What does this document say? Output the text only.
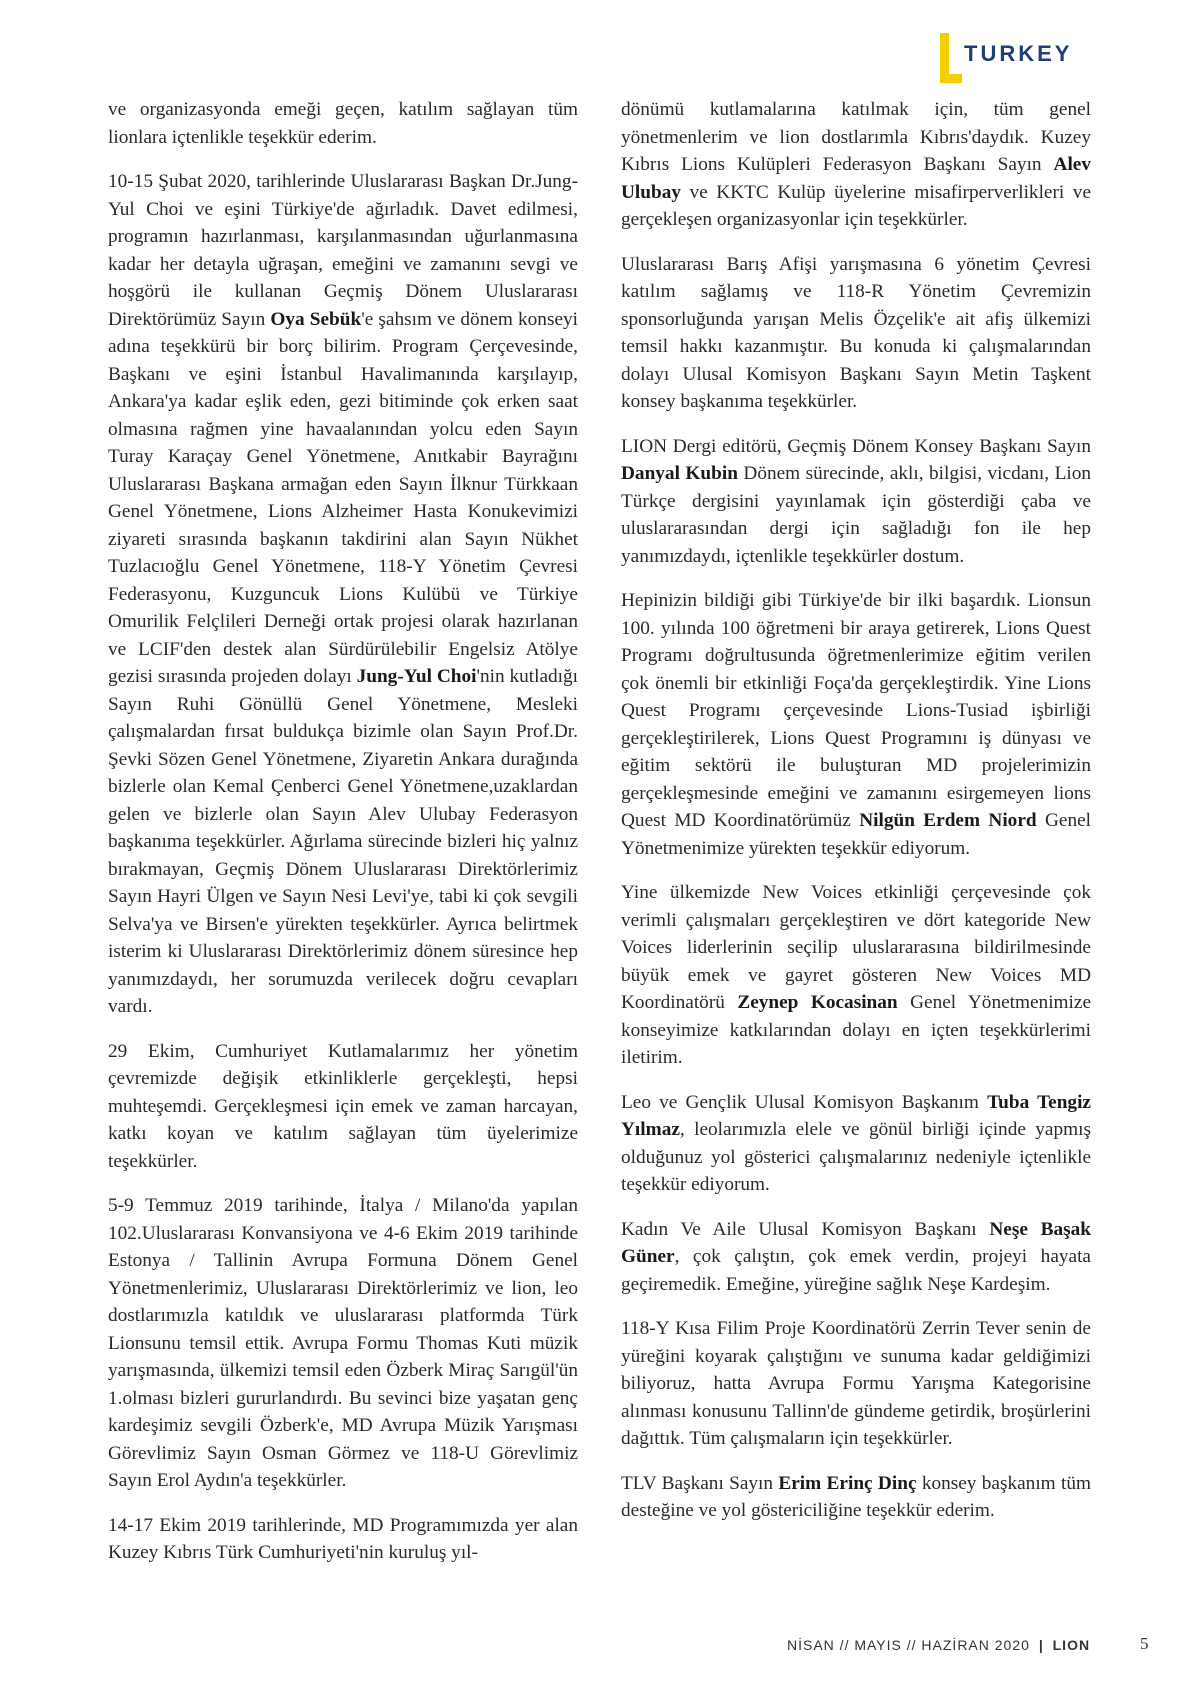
TURKEY

ve organizasyonda emeği geçen, katılım sağlayan tüm lionlara içtenlikle teşekkür ederim.

10-15 Şubat 2020, tarihlerinde Uluslararası Başkan Dr.Jung-Yul Choi ve eşini Türkiye'de ağırladık. Davet edilmesi, programın hazırlanması, karşılanmasından uğurlanmasına kadar her detayla uğraşan, emeğini ve zamanını sevgi ve hoşgörü ile kullanan Geçmiş Dönem Uluslararası Direktörümüz Sayın Oya Sebük'e şahsım ve dönem konseyi adına teşekkürü bir borç bilirim. Program Çerçevesinde, Başkanı ve eşini İstanbul Havalimanında karşılayıp, Ankara'ya kadar eşlik eden, gezi bitiminde çok erken saat olmasına rağmen yine havaalanından yolcu eden Sayın Turay Karaçay Genel Yönetmene, Anıtkabir Bayrağını Uluslararası Başkana armağan eden Sayın İlknur Türkkaan Genel Yönetmene, Lions Alzheimer Hasta Konukevimizi ziyareti sırasında başkanın takdirini alan Sayın Nükhet Tuzlacıoğlu Genel Yönetmene, 118-Y Yönetim Çevresi Federasyonu, Kuzguncuk Lions Kulübü ve Türkiye Omurilik Felçlileri Derneği ortak projesi olarak hazırlanan ve LCIF'den destek alan Sürdürülebilir Engelsiz Atölye gezisi sırasında projeden dolayı Jung-Yul Choi'nin kutladığı Sayın Ruhi Gönüllü Genel Yönetmene, Mesleki çalışmalardan fırsat buldukça bizimle olan Sayın Prof.Dr. Şevki Sözen Genel Yönetmene, Ziyaretin Ankara durağında bizlerle olan Kemal Çenberci Genel Yönetmene,uzaklardan gelen ve bizlerle olan Sayın Alev Ulubay Federasyon başkanıma teşekkürler. Ağırlama sürecinde bizleri hiç yalnız bırakmayan, Geçmiş Dönem Uluslararası Direktörlerimiz Sayın Hayri Ülgen ve Sayın Nesi Levi'ye, tabi ki çok sevgili Selva'ya ve Birsen'e yürekten teşekkürler. Ayrıca belirtmek isterim ki Uluslararası Direktörlerimiz dönem süresince hep yanımızdaydı, her sorumuzda verilecek doğru cevapları vardı.

29 Ekim, Cumhuriyet Kutlamalarımız her yönetim çevremizde değişik etkinliklerle gerçekleşti, hepsi muhteşemdi. Gerçekleşmesi için emek ve zaman harcayan, katkı koyan ve katılım sağlayan tüm üyelerimize teşekkürler.

5-9 Temmuz 2019 tarihinde, İtalya / Milano'da yapılan 102.Uluslararası Konvansiyona ve 4-6 Ekim 2019 tarihinde Estonya / Tallinin Avrupa Formuna Dönem Genel Yönetmenlerimiz, Uluslararası Direktörlerimiz ve lion, leo dostlarımızla katıldık ve uluslararası platformda Türk Lionsunu temsil ettik. Avrupa Formu Thomas Kuti müzik yarışmasında, ülkemizi temsil eden Özberk Miraç Sarıgül'ün 1.olması bizleri gururlandırdı. Bu sevinci bize yaşatan genç kardeşimiz sevgili Özberk'e, MD Avrupa Müzik Yarışması Görevlimiz Sayın Osman Görmez ve 118-U Görevlimiz Sayın Erol Aydın'a teşekkürler.

14-17 Ekim 2019 tarihlerinde, MD Programımızda yer alan Kuzey Kıbrıs Türk Cumhuriyeti'nin kuruluş yıl-

dönümü kutlamalarına katılmak için, tüm genel yönetmenlerim ve lion dostlarımla Kıbrıs'daydık. Kuzey Kıbrıs Lions Kulüpleri Federasyon Başkanı Sayın Alev Ulubay ve KKTC Kulüp üyelerine misafirperverlikleri ve gerçekleşen organizasyonlar için teşekkürler.

Uluslararası Barış Afişi yarışmasına 6 yönetim Çevresi katılım sağlamış ve 118-R Yönetim Çevremizin sponsorluğunda yarışan Melis Özçelik'e ait afiş ülkemizi temsil hakkı kazanmıştır. Bu konuda ki çalışmalarından dolayı Ulusal Komisyon Başkanı Sayın Metin Taşkent konsey başkanıma teşekkürler.

LION Dergi editörü, Geçmiş Dönem Konsey Başkanı Sayın Danyal Kubin Dönem sürecinde, aklı, bilgisi, vicdanı, Lion Türkçe dergisini yayınlamak için gösterdiği çaba ve uluslararasından dergi için sağladığı fon ile hep yanımızdaydı, içtenlikle teşekkürler dostum.

Hepinizin bildiği gibi Türkiye'de bir ilki başardık. Lionsun 100. yılında 100 öğretmeni bir araya getirerek, Lions Quest Programı doğrultusunda öğretmenlerimize eğitim verilen çok önemli bir etkinliği Foça'da gerçekleştirdik. Yine Lions Quest Programı çerçevesinde Lions-Tusiad işbirliği gerçekleştirilerek, Lions Quest Programını iş dünyası ve eğitim sektörü ile buluşturan MD projelerimizin gerçekleşmesinde emeğini ve zamanını esirgemeyen lions Quest MD Koordinatörümüz Nilgün Erdem Niord Genel Yönetmenimize yürekten teşekkür ediyorum.

Yine ülkemizde New Voices etkinliği çerçevesinde çok verimli çalışmaları gerçekleştiren ve dört kategoride New Voices liderlerinin seçilip uluslararasına bildirilmesinde büyük emek ve gayret gösteren New Voices MD Koordinatörü Zeynep Kocasinan Genel Yönetmenimize konseyimize katkılarından dolayı en içten teşekkürlerimi iletirim.

Leo ve Gençlik Ulusal Komisyon Başkanım Tuba Tengiz Yılmaz, leolarımızla elele ve gönül birliği içinde yapmış olduğunuz yol gösterici çalışmalarınız nedeniyle içtenlikle teşekkür ediyorum.

Kadın Ve Aile Ulusal Komisyon Başkanı Neşe Başak Güner, çok çalıştın, çok emek verdin, projeyi hayata geçiremedik. Emeğine, yüreğine sağlık Neşe Kardeşim.

118-Y Kısa Filim Proje Koordinatörü Zerrin Tever senin de yüreğini koyarak çalıştığını ve sunuma kadar geldiğimizi biliyoruz, hatta Avrupa Formu Yarışma Kategorisine alınması konusunu Tallinn'de gündeme getirdik, broşürlerini dağıttık. Tüm çalışmaların için teşekkürler.

TLV Başkanı Sayın Erim Erinç Dinç konsey başkanım tüm desteğine ve yol göstericiliğine teşekkür ederim.

NİSAN // MAYIS // HAZİRAN 2020 | LION	5
